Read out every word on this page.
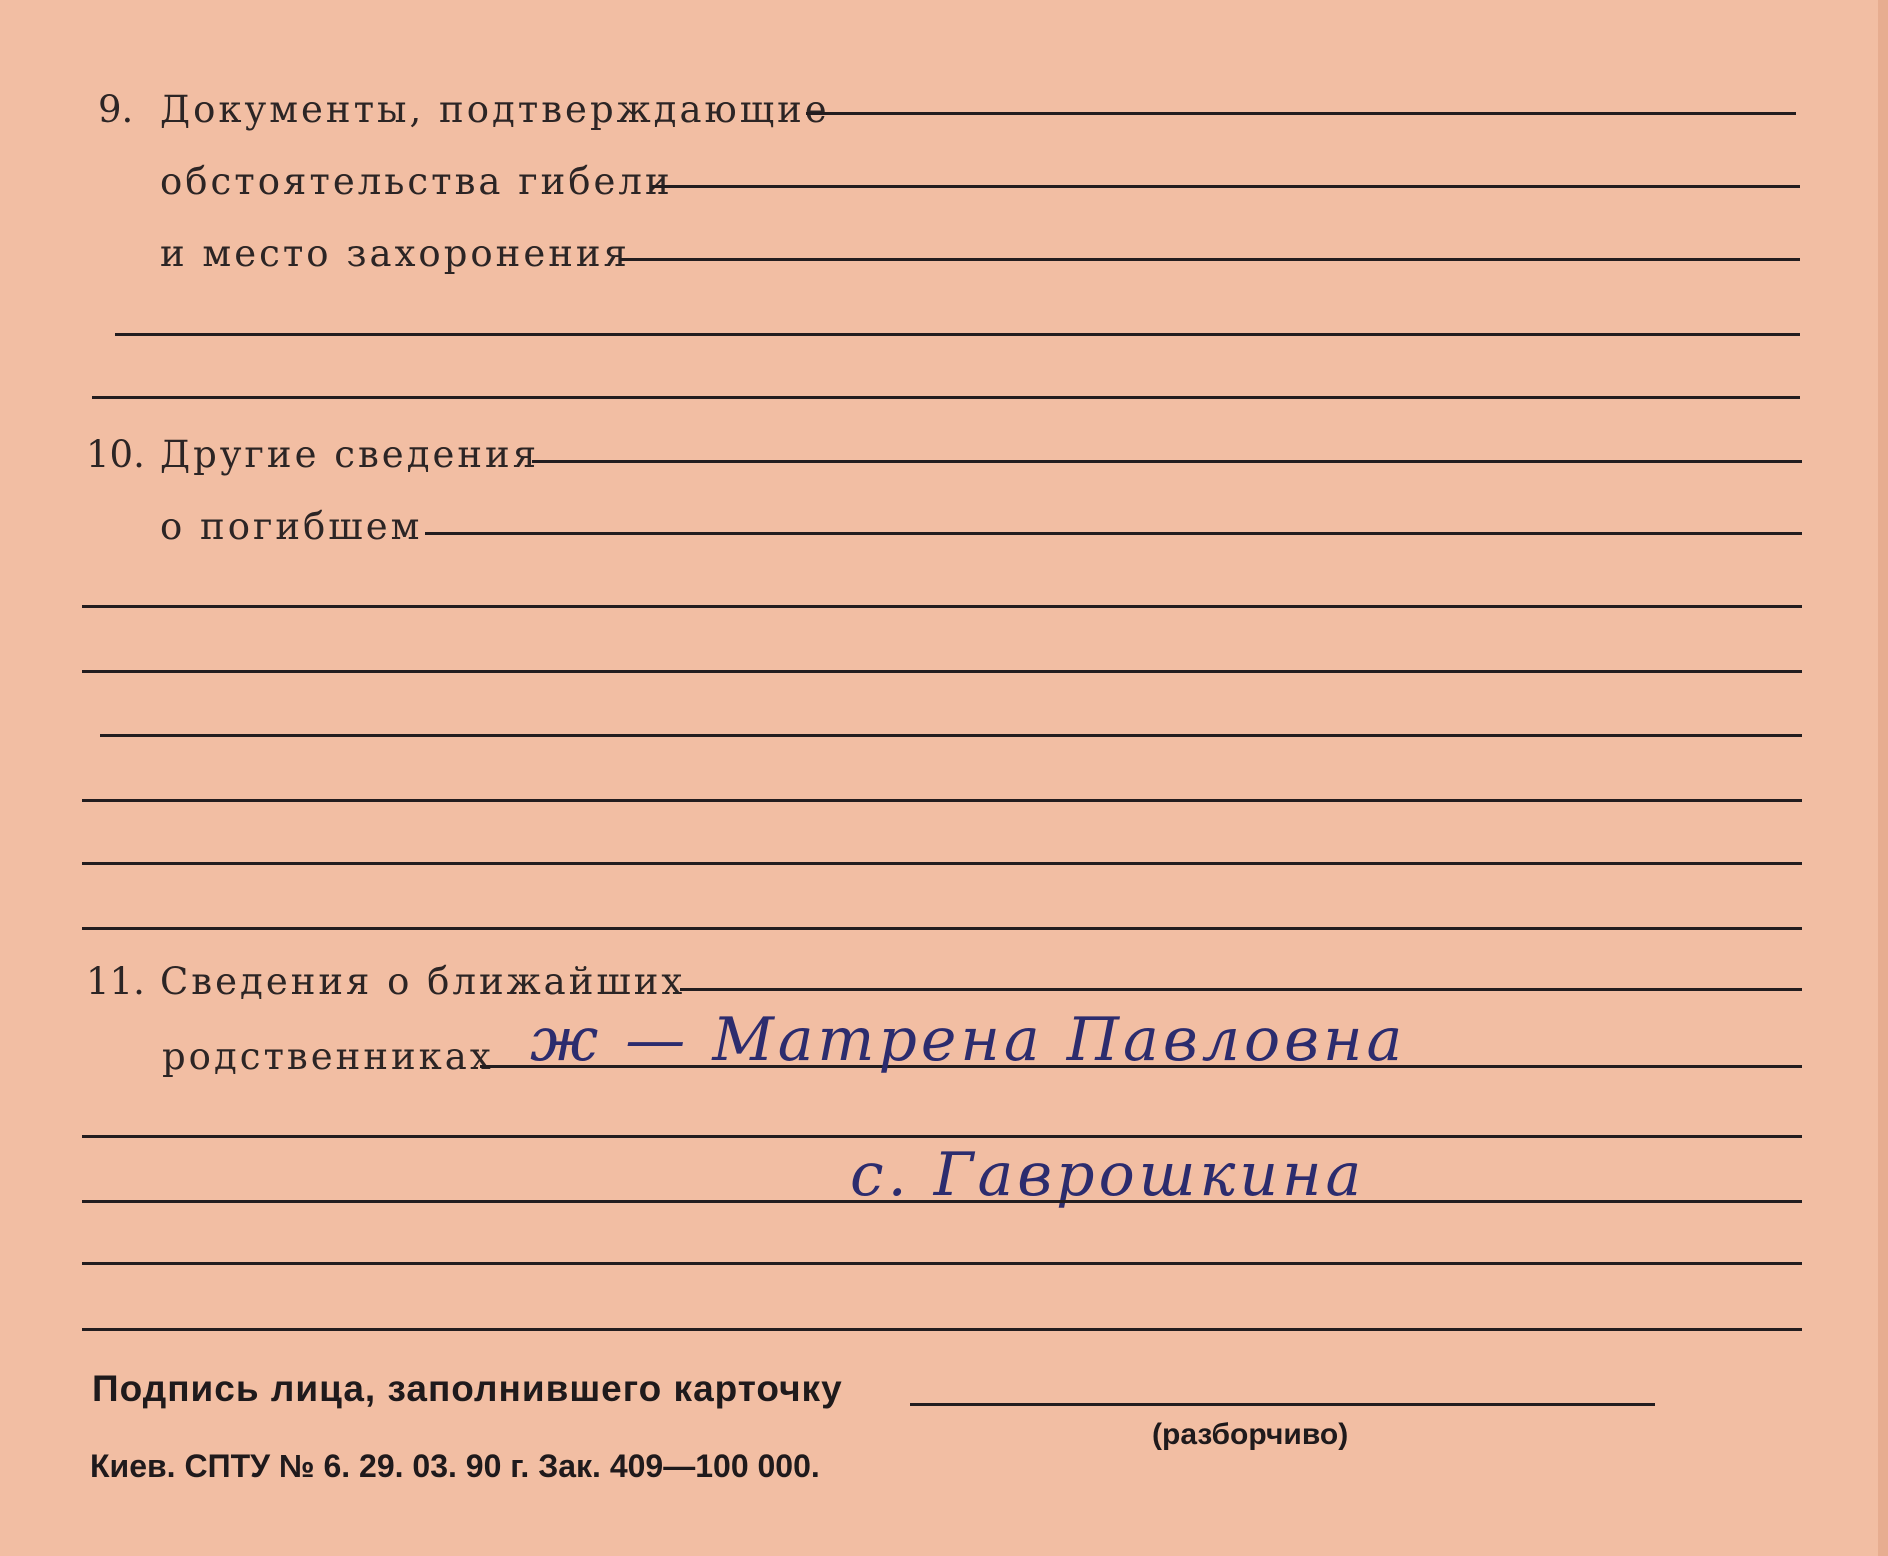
9. Документы, подтверждающие
обстоятельства гибели
и место захоронения
10. Другие сведения
о погибшем
11. Сведения о ближайших
родственниках ж — Матрена Павловна
с. Гаврошкина
Подпись лица, заполнившего карточку
(разборчиво)
Киев. СПТУ № 6. 29. 03. 90 г. Зак. 409—100 000.
